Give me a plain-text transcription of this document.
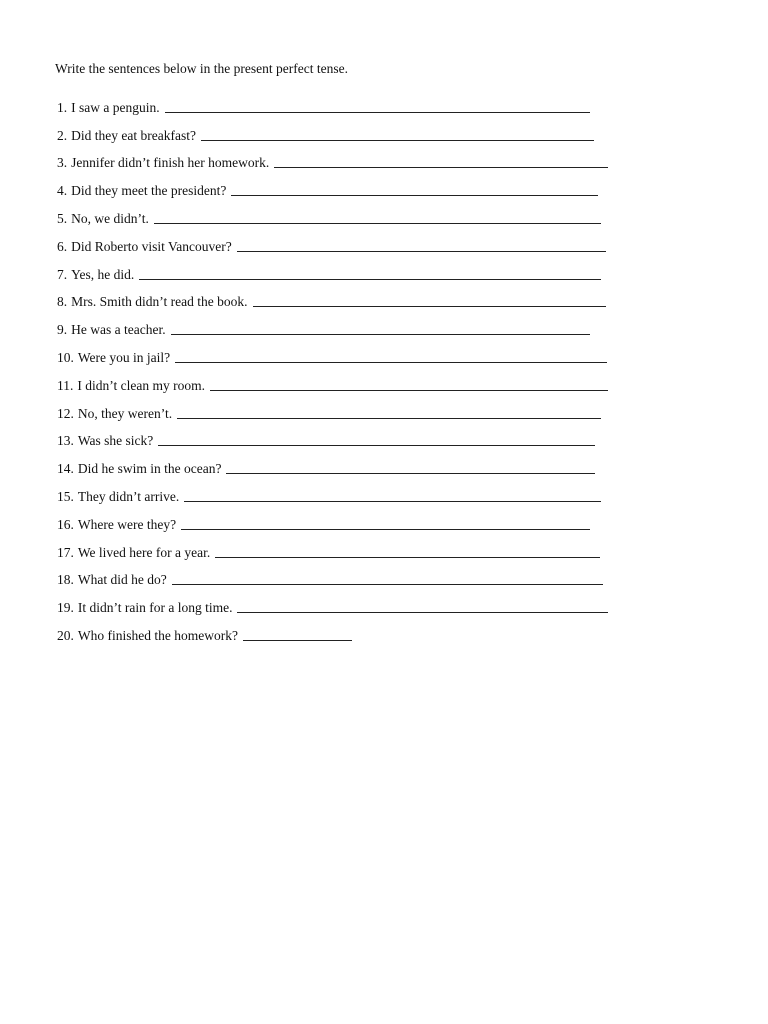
Write the sentences below in the present perfect tense.
1. I saw a penguin.
2. Did they eat breakfast?
3. Jennifer didn’t finish her homework.
4. Did they meet the president?
5. No, we didn’t.
6. Did Roberto visit Vancouver?
7. Yes, he did.
8. Mrs. Smith didn’t read the book.
9. He was a teacher.
10. Were you in jail?
11. I didn’t clean my room.
12. No, they weren’t.
13. Was she sick?
14. Did he swim in the ocean?
15. They didn’t arrive.
16. Where were they?
17. We lived here for a year.
18. What did he do?
19. It didn’t rain for a long time.
20. Who finished the homework?
